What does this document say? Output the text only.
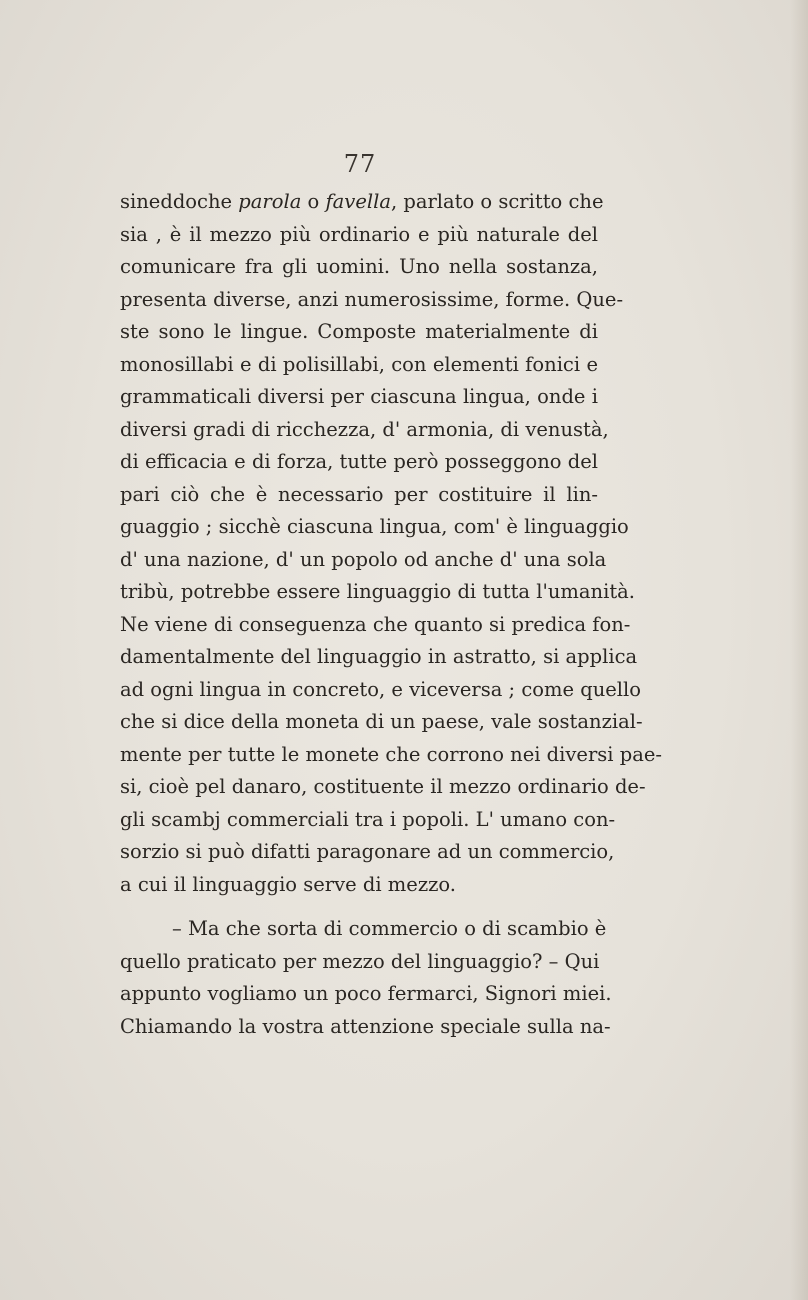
77
sineddoche parola o favella, parlato o scritto che
sia , è il mezzo più ordinario e più naturale del
comunicare fra gli uomini. Uno nella sostanza,
presenta diverse, anzi numerosissime, forme. Que-
ste sono le lingue. Composte materialmente di
monosillabi e di polisillabi, con elementi fonici e
grammaticali diversi per ciascuna lingua, onde i
diversi gradi di ricchezza, d' armonia, di venustà,
di efficacia e di forza, tutte però posseggono del
pari ciò che è necessario per costituire il lin-
guaggio ; sicchè ciascuna lingua, com' è linguaggio
d' una nazione, d' un popolo od anche d' una sola
tribù, potrebbe essere linguaggio di tutta l'umanità.
Ne viene di conseguenza che quanto si predica fon-
damentalmente del linguaggio in astratto, si applica
ad ogni lingua in concreto, e viceversa ; come quello
che si dice della moneta di un paese, vale sostanzial-
mente per tutte le monete che corrono nei diversi pae-
si, cioè pel danaro, costituente il mezzo ordinario de-
gli scambj commerciali tra i popoli. L' umano con-
sorzio si può difatti paragonare ad un commercio,
a cui il linguaggio serve di mezzo.
– Ma che sorta di commercio o di scambio è
quello praticato per mezzo del linguaggio? – Qui
appunto vogliamo un poco fermarci, Signori miei.
Chiamando la vostra attenzione speciale sulla na-
